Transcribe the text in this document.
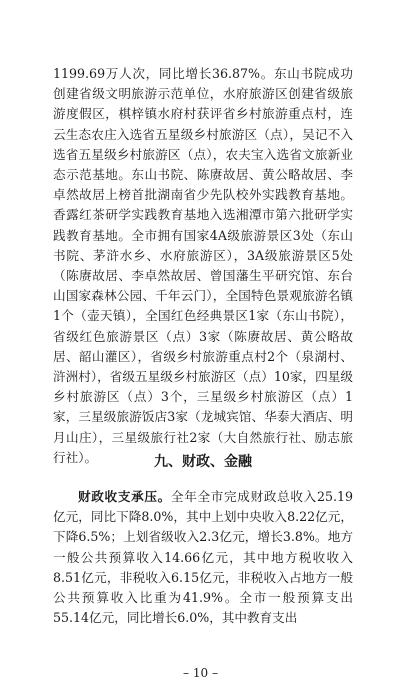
1199.69万人次，同比增长36.87%。东山书院成功创建省级文明旅游示范单位，水府旅游区创建省级旅游度假区，棋梓镇水府村获评省乡村旅游重点村，连云生态农庄入选省五星级乡村旅游区（点），吴记不入选省五星级乡村旅游区（点），农夫宝入选省文旅新业态示范基地。东山书院、陈赓故居、黄公略故居、李卓然故居上榜首批湖南省少先队校外实践教育基地。香露红茶研学实践教育基地入选湘潭市第六批研学实践教育基地。全市拥有国家4A级旅游景区3处（东山书院、茅浒水乡、水府旅游区），3A级旅游景区5处（陈赓故居、李卓然故居、曾国藩生平研究馆、东台山国家森林公园、千年云门），全国特色景观旅游名镇1个（壶天镇），全国红色经典景区1家（东山书院），省级红色旅游景区（点）3家（陈赓故居、黄公略故居、韶山灌区），省级乡村旅游重点村2个（泉湖村、浒洲村），省级五星级乡村旅游区（点）10家，四星级乡村旅游区（点）3个，三星级乡村旅游区（点）1家，三星级旅游饭店3家（龙城宾馆、华泰大酒店、明月山庄），三星级旅行社2家（大自然旅行社、励志旅行社）。	九、财政、金融

财政收支承压。全年全市完成财政总收入25.19亿元，同比下降8.0%，其中上划中央收入8.22亿元，下降6.5%；上划省级收入2.3亿元，增长3.8%。地方一般公共预算收入14.66亿元，其中地方税收收入8.51亿元，非税收入6.15亿元，非税收入占地方一般公共预算收入比重为41.9%。全市一般预算支出55.14亿元，同比增长6.0%，其中教育支出

– 10 –
